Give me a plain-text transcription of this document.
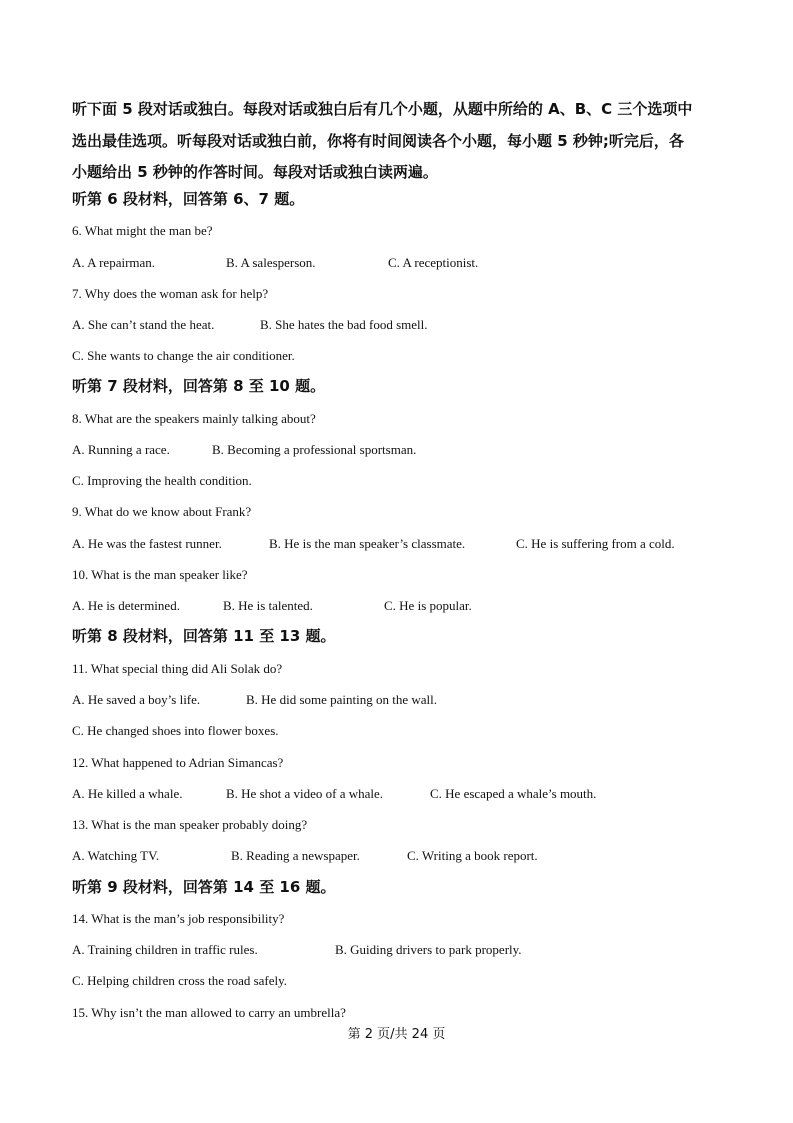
听下面 5 段对话或独白。每段对话或独白后有几个小题，从题中所给的 A、B、C 三个选项中
选出最佳选项。听每段对话或独白前，你将有时间阅读各个小题，每小题 5 秒钟;听完后，各
小题给出 5 秒钟的作答时间。每段对话或独白读两遍。
听第 6 段材料，回答第 6、7 题。
6. What might the man be?
A. A repairman.	B. A salesperson.	C. A receptionist.
7. Why does the woman ask for help?
A. She can’t stand the heat.	B. She hates the bad food smell.
C. She wants to change the air conditioner.
听第 7 段材料，回答第 8 至 10 题。
8. What are the speakers mainly talking about?
A. Running a race.	B. Becoming a professional sportsman.
C. Improving the health condition.
9. What do we know about Frank?
A. He was the fastest runner.	B. He is the man speaker’s classmate.	C. He is suffering from a cold.
10. What is the man speaker like?
A. He is determined.	B. He is talented.	C. He is popular.
听第 8 段材料，回答第 11 至 13 题。
11. What special thing did Ali Solak do?
A. He saved a boy’s life.	B. He did some painting on the wall.
C. He changed shoes into flower boxes.
12. What happened to Adrian Simancas?
A. He killed a whale.	B. He shot a video of a whale.	C. He escaped a whale’s mouth.
13. What is the man speaker probably doing?
A. Watching TV.	B. Reading a newspaper.	C. Writing a book report.
听第 9 段材料，回答第 14 至 16 题。
14. What is the man’s job responsibility?
A. Training children in traffic rules.	B. Guiding drivers to park properly.
C. Helping children cross the road safely.
15. Why isn’t the man allowed to carry an umbrella?
第 2 页/共 24 页
